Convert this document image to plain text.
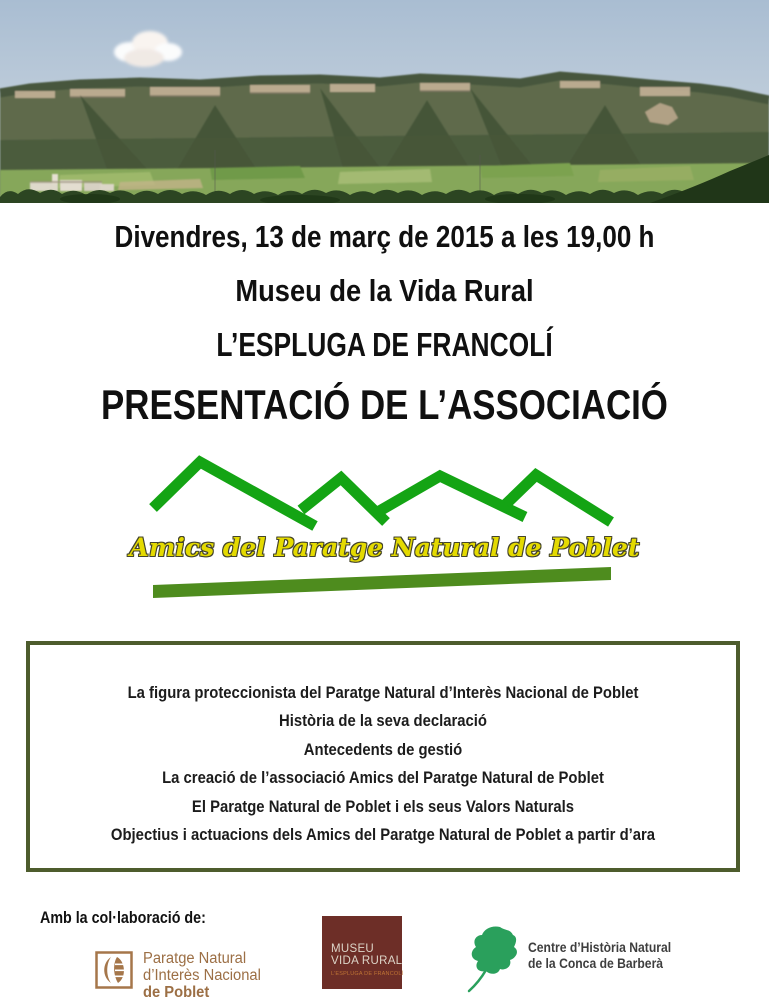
Divendres, 13 de març de 2015 a les 19,00 h
Museu de la Vida Rural
L’ESPLUGA DE FRANCOLÍ
PRESENTACIÓ DE L’ASSOCIACIÓ
Amics del Paratge Natural de Poblet
La figura proteccionista del Paratge Natural d’Interès Nacional de Poblet
Història de la seva declaració
Antecedents de gestió
La creació de l’associació Amics del Paratge Natural de Poblet
El Paratge Natural de Poblet i els seus Valors Naturals
Objectius i actuacions dels Amics del Paratge Natural de Poblet a partir d’ara
Amb la col·laboració de:
Paratge Natural
d’Interès Nacional
de Poblet
MUSEU
VIDA RURAL
L’ESPLUGA DE FRANCOLÍ
Centre d’Història Natural
de la Conca de Barberà
